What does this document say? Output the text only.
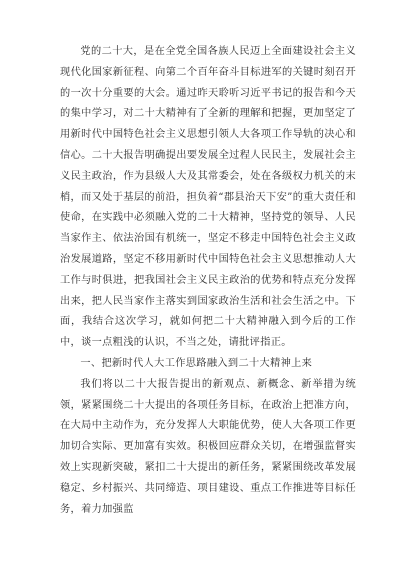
党的二十大，是在全党全国各族人民迈上全面建设社会主义现代化国家新征程、向第二个百年奋斗目标进军的关键时刻召开的一次十分重要的大会。通过昨天聆听习近平书记的报告和今天的集中学习，对二十大精神有了全新的理解和把握，更加坚定了用新时代中国特色社会主义思想引领人大各项工作导轨的决心和信心。二十大报告明确提出要发展全过程人民民主，发展社会主义民主政治，作为县级人大及其常委会，处在各级权力机关的末梢，而又处于基层的前沿，担负着“郡县治天下安”的重大责任和使命，在实践中必须融入党的二十大精神，坚持党的领导、人民当家作主、依法治国有机统一，坚定不移走中国特色社会主义政治发展道路，坚定不移用新时代中国特色社会主义思想推动人大工作与时俱进，把我国社会主义民主政治的优势和特点充分发挥出来，把人民当家作主落实到国家政治生活和社会生活之中。下面，我结合这次学习，就如何把二十大精神融入到今后的工作中，谈一点粗浅的认识，不当之处，请批评指正。

一、把新时代人大工作思路融入到二十大精神上来

我们将以二十大报告提出的新观点、新概念、新举措为统领，紧紧围绕二十大提出的各项任务目标，在政治上把准方向，在大局中主动作为，充分发挥人大职能优势，使人大各项工作更加切合实际、更加富有实效。积极回应群众关切，在增强监督实效上实现新突破，紧扣二十大提出的新任务，紧紧围绕改革发展稳定、乡村振兴、共同缔造、项目建设、重点工作推进等目标任务，着力加强监
